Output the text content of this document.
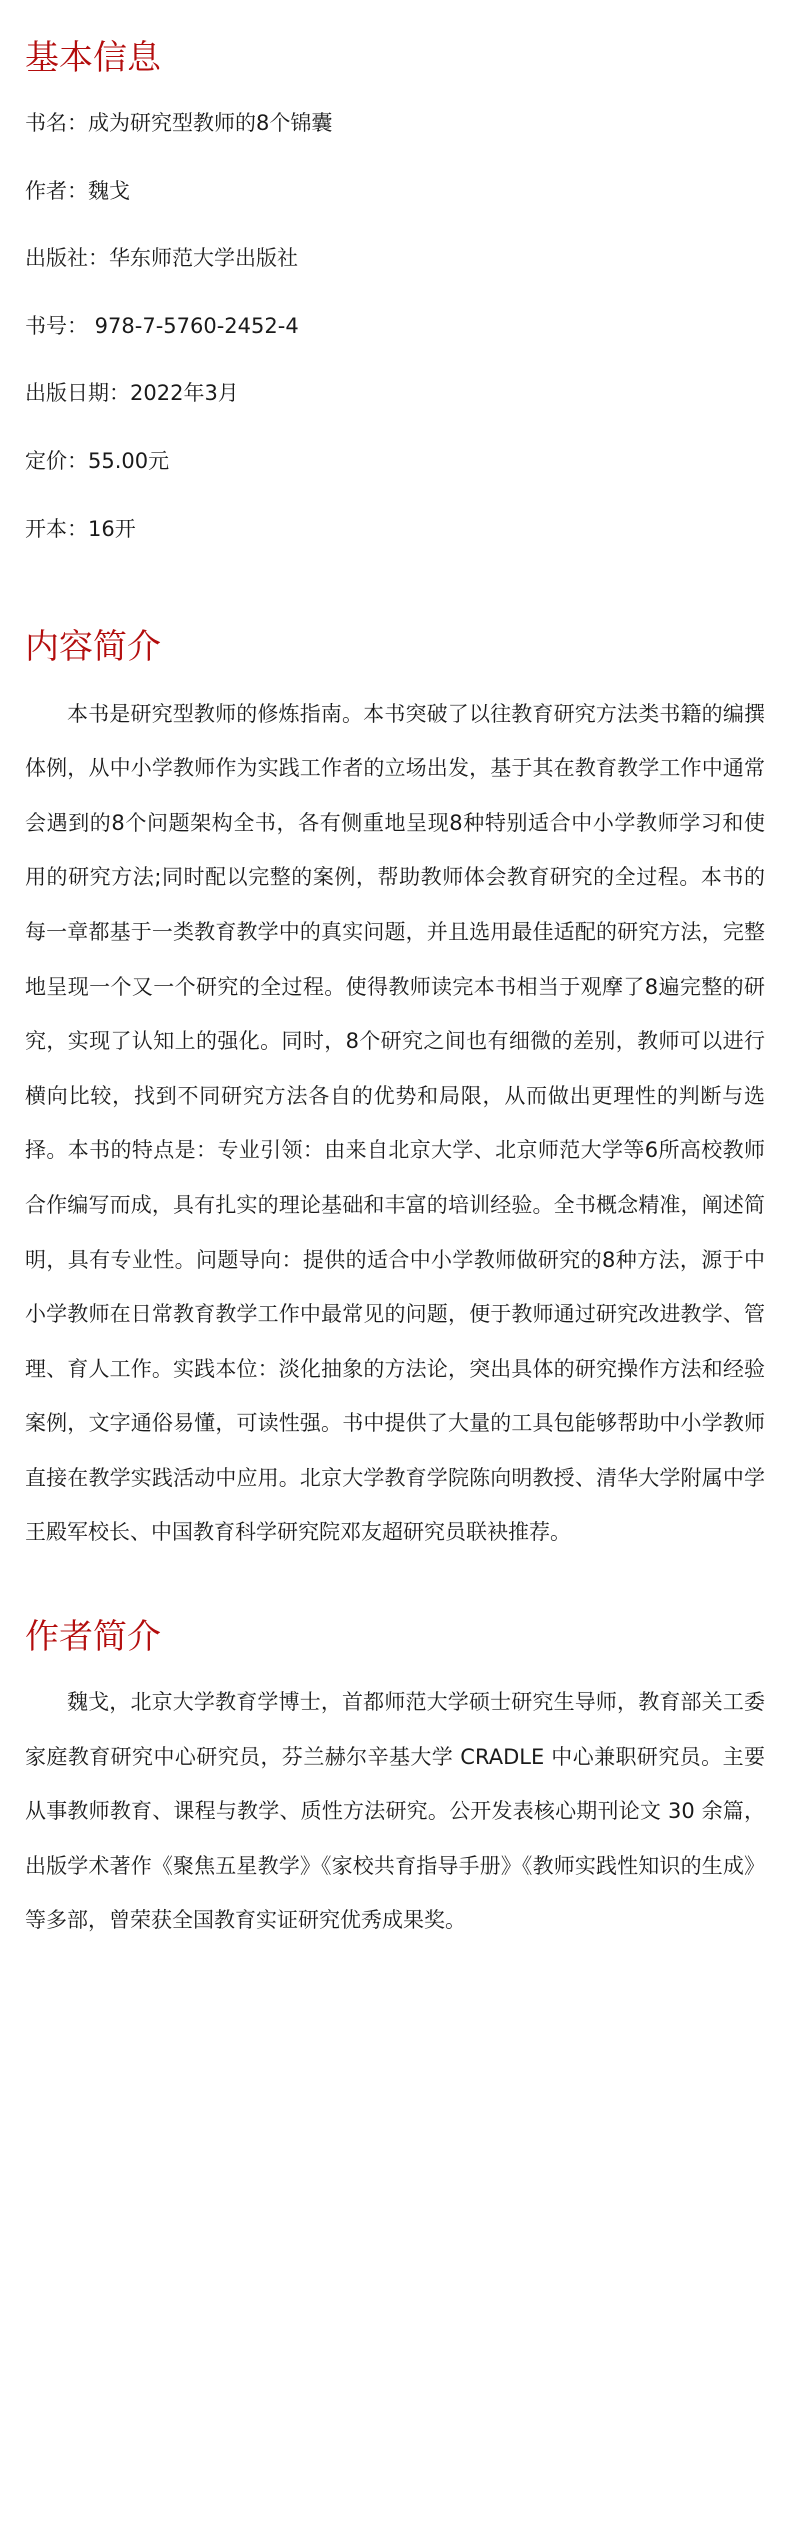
基本信息
书名：成为研究型教师的8个锦囊
作者：魏戈
出版社：华东师范大学出版社
书号： 978-7-5760-2452-4
出版日期：2022年3月
定价：55.00元
开本：16开
内容简介

本书是研究型教师的修炼指南。本书突破了以往教育研究方法类书籍的编撰体例，从中小学教师作为实践工作者的立场出发，基于其在教育教学工作中通常会遇到的8个问题架构全书，各有侧重地呈现8种特别适合中小学教师学习和使用的研究方法;同时配以完整的案例，帮助教师体会教育研究的全过程。本书的每一章都基于一类教育教学中的真实问题，并且选用最佳适配的研究方法，完整地呈现一个又一个研究的全过程。使得教师读完本书相当于观摩了8遍完整的研究，实现了认知上的强化。同时，8个研究之间也有细微的差别，教师可以进行横向比较，找到不同研究方法各自的优势和局限，从而做出更理性的判断与选择。本书的特点是：专业引领：由来自北京大学、北京师范大学等6所高校教师合作编写而成，具有扎实的理论基础和丰富的培训经验。全书概念精准，阐述简明，具有专业性。问题导向：提供的适合中小学教师做研究的8种方法，源于中小学教师在日常教育教学工作中最常见的问题，便于教师通过研究改进教学、管理、育人工作。实践本位：淡化抽象的方法论，突出具体的研究操作方法和经验案例，文字通俗易懂，可读性强。书中提供了大量的工具包能够帮助中小学教师直接在教学实践活动中应用。北京大学教育学院陈向明教授、清华大学附属中学王殿军校长、中国教育科学研究院邓友超研究员联袂推荐。

作者简介

魏戈，北京大学教育学博士，首都师范大学硕士研究生导师，教育部关工委家庭教育研究中心研究员，芬兰赫尔辛基大学 CRADLE 中心兼职研究员。主要从事教师教育、课程与教学、质性方法研究。公开发表核心期刊论文 30 余篇，出版学术著作《聚焦五星教学》《家校共育指导手册》《教师实践性知识的生成》等多部，曾荣获全国教育实证研究优秀成果奖。
